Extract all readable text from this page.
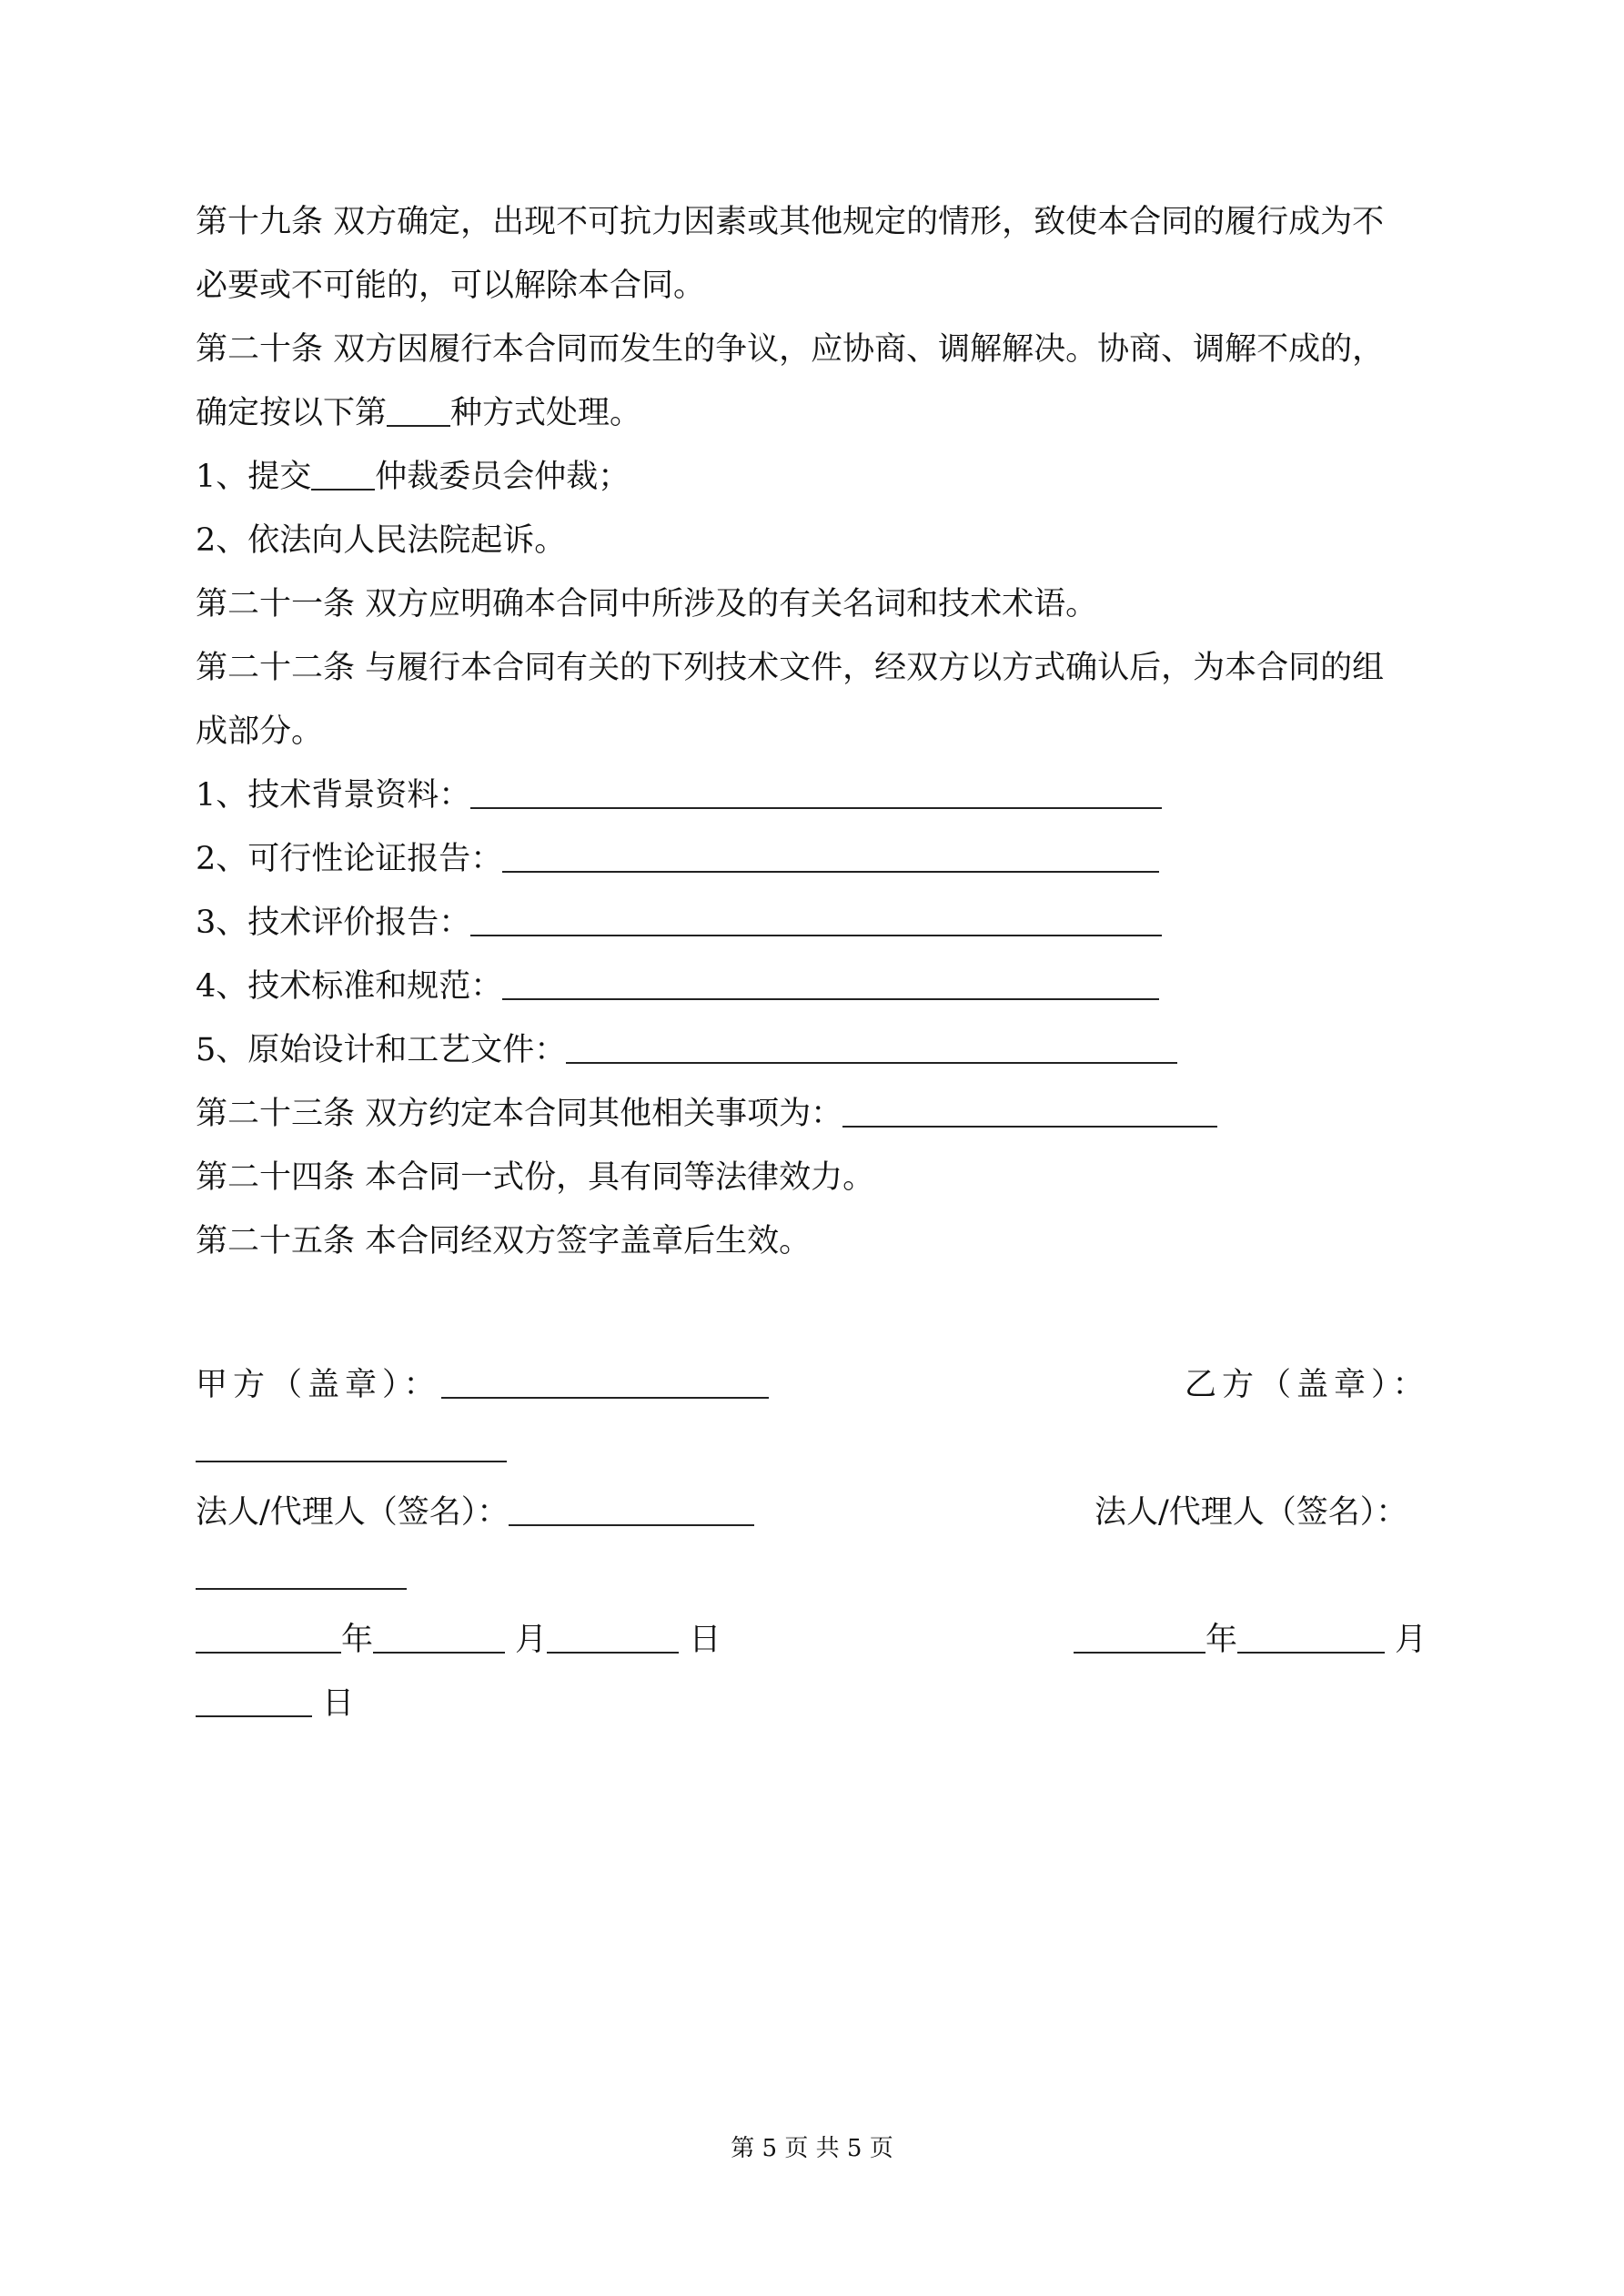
第十九条 双方确定，出现不可抗力因素或其他规定的情形，致使本合同的履行成为不
必要或不可能的，可以解除本合同。
第二十条 双方因履行本合同而发生的争议，应协商、调解解决。协商、调解不成的，
确定按以下第 种方式处理。
1、提交 仲裁委员会仲裁；
2、依法向人民法院起诉。
第二十一条 双方应明确本合同中所涉及的有关名词和技术术语。
第二十二条 与履行本合同有关的下列技术文件，经双方以方式确认后，为本合同的组
成部分。
1、技术背景资料：
2、可行性论证报告：
3、技术评价报告：
4、技术标准和规范：
5、原始设计和工艺文件：
第二十三条 双方约定本合同其他相关事项为：
第二十四条 本合同一式份，具有同等法律效力。
第二十五条 本合同经双方签字盖章后生效。
甲方（盖章）：	乙方（盖章）：
法人/代理人（签名）：	法人/代理人（签名）：
年	月	日	年	月
日
第 5 页 共 5 页
